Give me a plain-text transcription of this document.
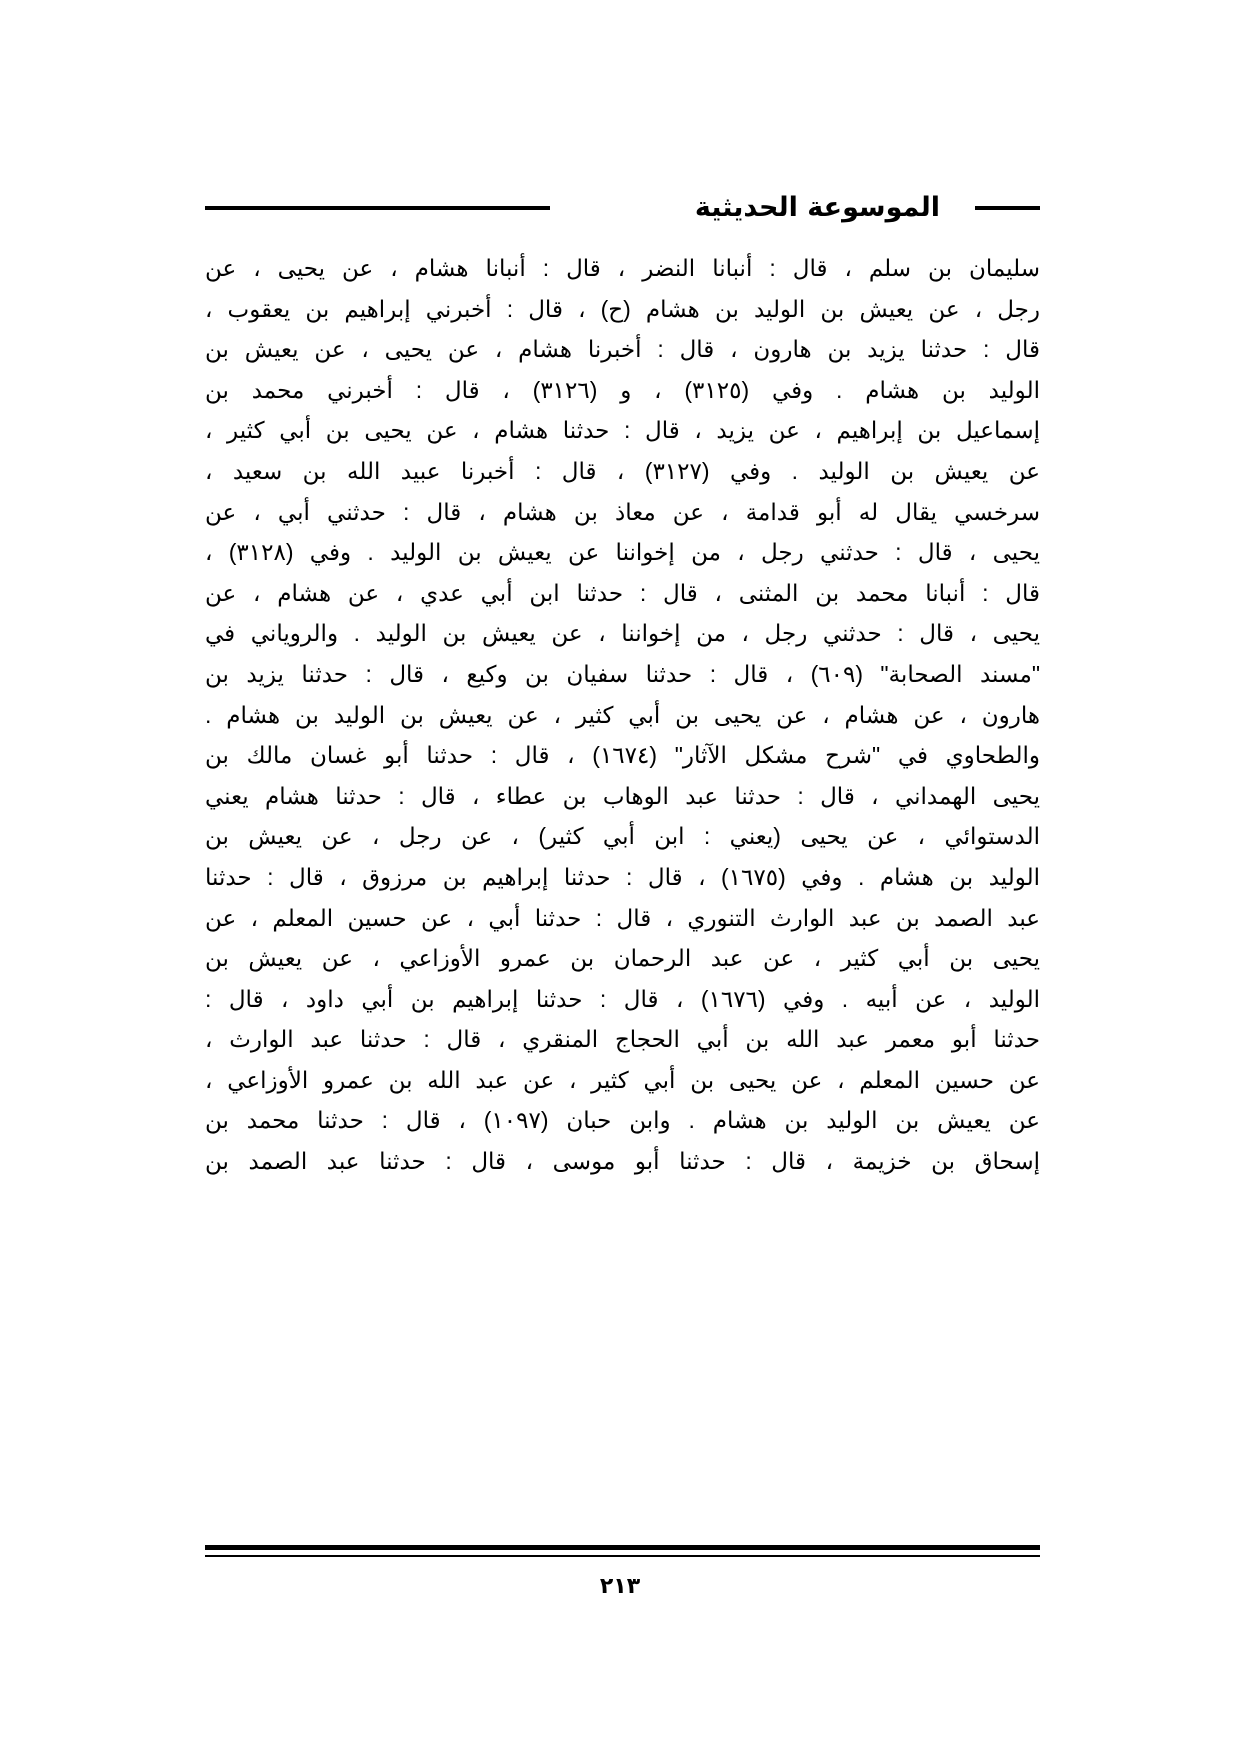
الموسوعة الحديثية
سليمان بن سلم ، قال : أنبانا النضر ، قال : أنبانا هشام ، عن يحيى ، عن
رجل ، عن يعيش بن الوليد بن هشام (ح) ، قال : أخبرني إبراهيم بن يعقوب ،
قال : حدثنا يزيد بن هارون ، قال : أخبرنا هشام ، عن يحيى ، عن يعيش بن
الوليد بن هشام . وفي (٣١٢٥) ، و (٣١٢٦) ، قال : أخبرني محمد بن
إسماعيل بن إبراهيم ، عن يزيد ، قال : حدثنا هشام ، عن يحيى بن أبي كثير ،
عن يعيش بن الوليد . وفي (٣١٢٧) ، قال : أخبرنا عبيد الله بن سعيد ،
سرخسي يقال له أبو قدامة ، عن معاذ بن هشام ، قال : حدثني أبي ، عن
يحيى ، قال : حدثني رجل ، من إخواننا عن يعيش بن الوليد . وفي (٣١٢٨) ،
قال : أنبانا محمد بن المثنى ، قال : حدثنا ابن أبي عدي ، عن هشام ، عن
يحيى ، قال : حدثني رجل ، من إخواننا ، عن يعيش بن الوليد . والروياني في
"مسند الصحابة" (٦٠٩) ، قال : حدثنا سفيان بن وكيع ، قال : حدثنا يزيد بن
هارون ، عن هشام ، عن يحيى بن أبي كثير ، عن يعيش بن الوليد بن هشام .
والطحاوي في "شرح مشكل الآثار" (١٦٧٤) ، قال : حدثنا أبو غسان مالك بن
يحيى الهمداني ، قال : حدثنا عبد الوهاب بن عطاء ، قال : حدثنا هشام يعني
الدستوائي ، عن يحيى (يعني : ابن أبي كثير) ، عن رجل ، عن يعيش بن
الوليد بن هشام . وفي (١٦٧٥) ، قال : حدثنا إبراهيم بن مرزوق ، قال : حدثنا
عبد الصمد بن عبد الوارث التنوري ، قال : حدثنا أبي ، عن حسين المعلم ، عن
يحيى بن أبي كثير ، عن عبد الرحمان بن عمرو الأوزاعي ، عن يعيش بن
الوليد ، عن أبيه . وفي (١٦٧٦) ، قال : حدثنا إبراهيم بن أبي داود ، قال :
حدثنا أبو معمر عبد الله بن أبي الحجاج المنقري ، قال : حدثنا عبد الوارث ،
عن حسين المعلم ، عن يحيى بن أبي كثير ، عن عبد الله بن عمرو الأوزاعي ،
عن يعيش بن الوليد بن هشام . وابن حبان (١٠٩٧) ، قال : حدثنا محمد بن
إسحاق بن خزيمة ، قال : حدثنا أبو موسى ، قال : حدثنا عبد الصمد بن
٢١٣
